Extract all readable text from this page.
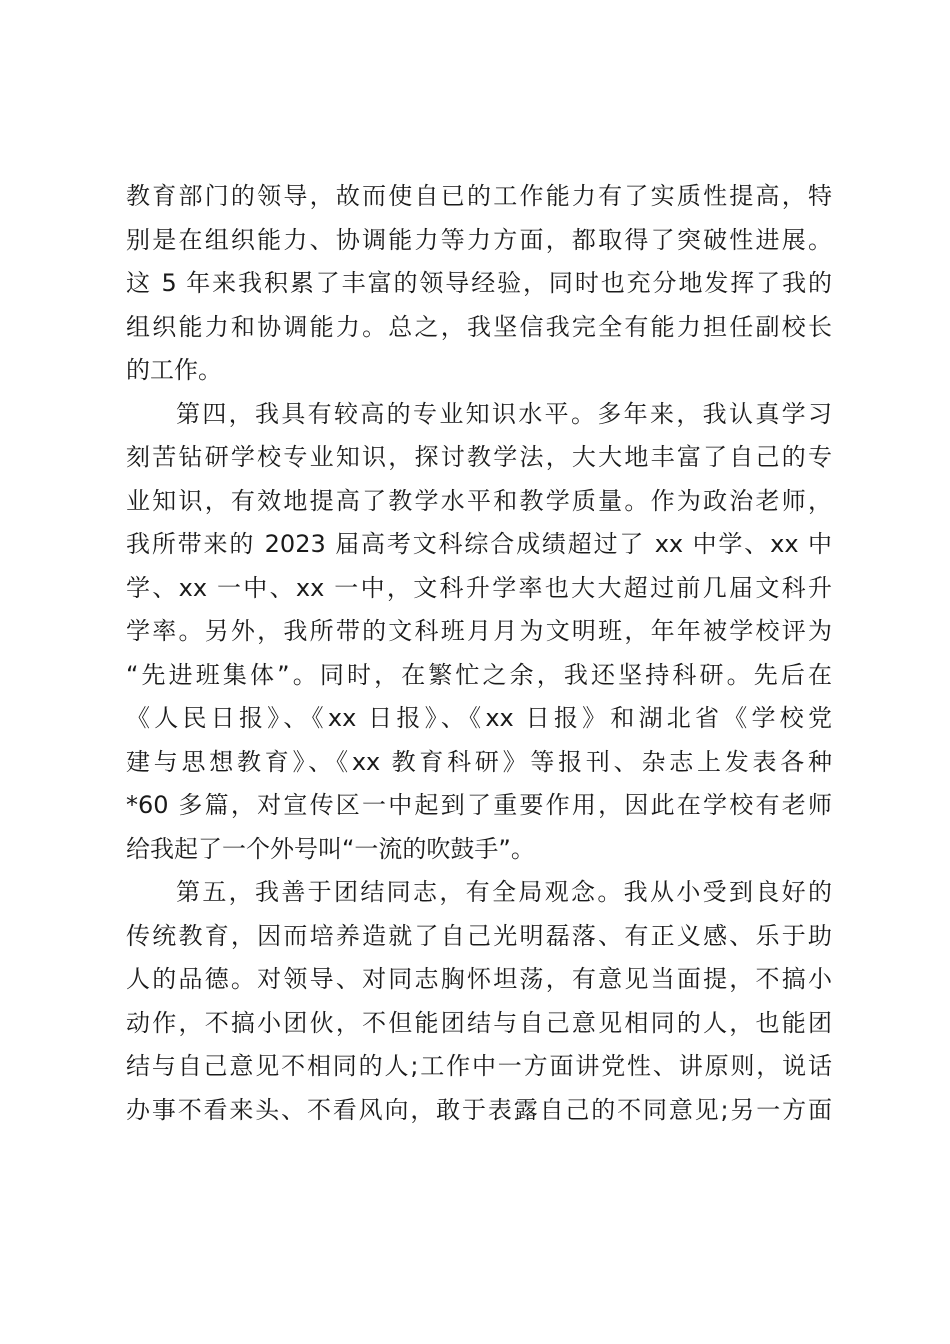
教育部门的领导，故而使自已的工作能力有了实质性提高，特
别是在组织能力、协调能力等力方面，都取得了突破性进展。
这 5 年来我积累了丰富的领导经验，同时也充分地发挥了我的
组织能力和协调能力。总之，我坚信我完全有能力担任副校长
的工作。
第四，我具有较高的专业知识水平。多年来，我认真学习
刻苦钻研学校专业知识，探讨教学法，大大地丰富了自己的专
业知识，有效地提高了教学水平和教学质量。作为政治老师，
我所带来的 2023 届高考文科综合成绩超过了 xx 中学、xx 中
学、xx 一中、xx 一中，文科升学率也大大超过前几届文科升
学率。另外，我所带的文科班月月为文明班，年年被学校评为
“先进班集体”。同时，在繁忙之余，我还坚持科研。先后在
《人民日报》、《xx 日报》、《xx 日报》和湖北省《学校党
建与思想教育》、《xx 教育科研》等报刊、杂志上发表各种
*60 多篇，对宣传区一中起到了重要作用，因此在学校有老师
给我起了一个外号叫“一流的吹鼓手”。
第五，我善于团结同志，有全局观念。我从小受到良好的
传统教育，因而培养造就了自己光明磊落、有正义感、乐于助
人的品德。对领导、对同志胸怀坦荡，有意见当面提，不搞小
动作，不搞小团伙，不但能团结与自己意见相同的人，也能团
结与自己意见不相同的人;工作中一方面讲党性、讲原则，说话
办事不看来头、不看风向，敢于表露自己的不同意见;另一方面
